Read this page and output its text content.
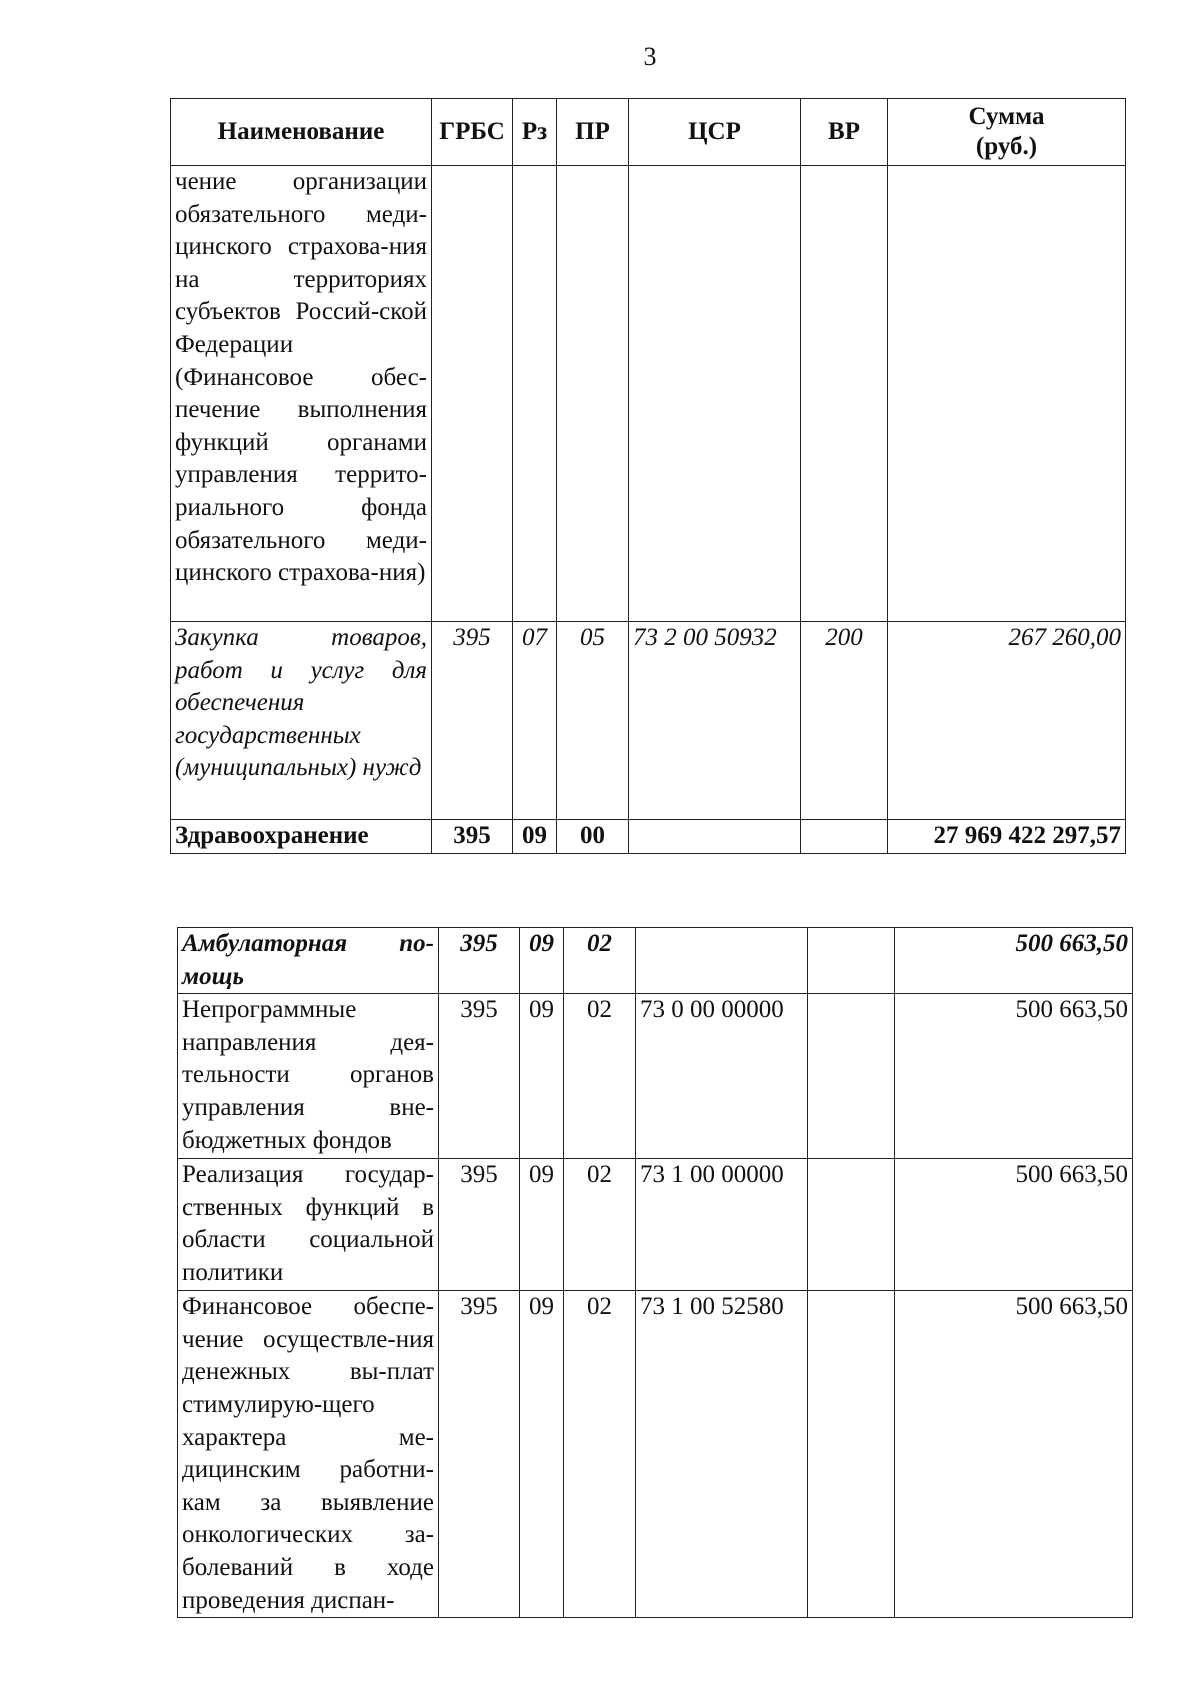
3
Наименование	ГРБС	Рз	ПР	ЦСР	ВР	Сумма
(руб.)

чение организации обязательного меди-цинского страхова-ния на территориях субъектов Россий-ской Федерации (Финансовое обес-печение выполнения функций органами управления террито-риального фонда обязательного меди-цинского страхова-ния)						
Закупка товаров, работ и услуг для обеспечения государственных (муниципальных) нужд	395	07	05	73 2 00 50932	200	267 260,00
Здравоохранение	395	09	00			27 969 422 297,57
Амбулаторная по-мощь	395	09	02			500 663,50
Непрограммные направления дея-тельности органов управления вне-бюджетных фондов	395	09	02	73 0 00 00000		500 663,50
Реализация государ-ственных функций в области социальной политики	395	09	02	73 1 00 00000		500 663,50
Финансовое обеспе-чение осуществле-ния денежных вы-плат стимулирую-щего характера ме-дицинским работни-кам за выявление онкологических за-болеваний в ходе проведения диспан-	395	09	02	73 1 00 52580		500 663,50
